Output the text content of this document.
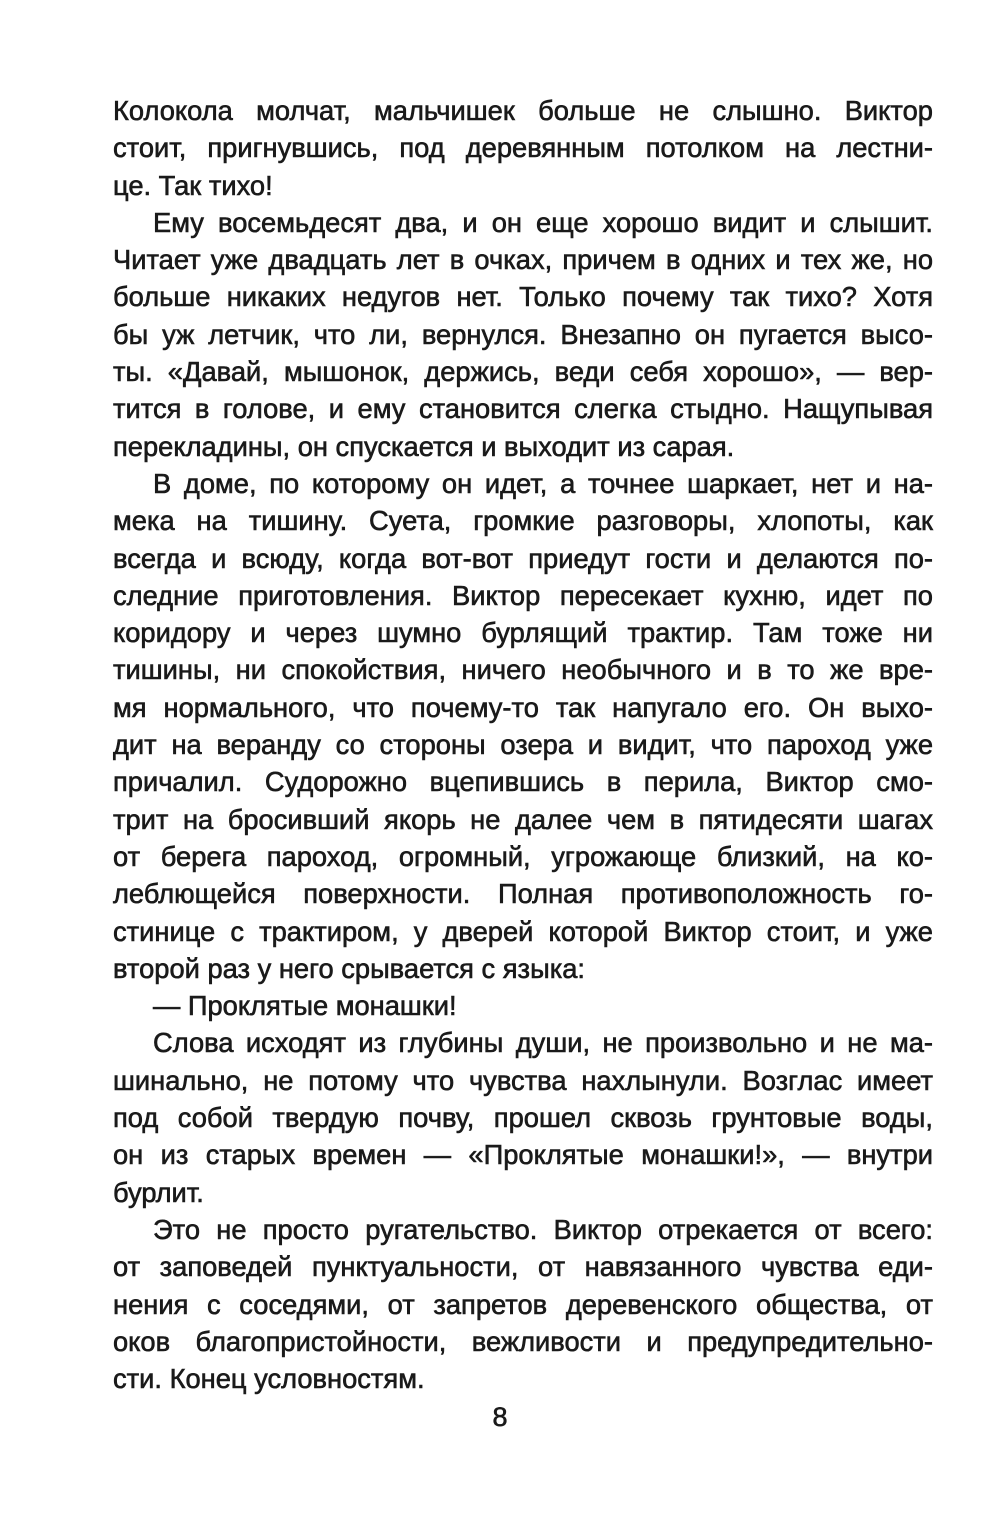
Колокола молчат, мальчишек больше не слышно. Виктор
стоит, пригнувшись, под деревянным потолком на лестни-
це. Так тихо!
Ему восемьдесят два, и он еще хорошо видит и слышит.
Читает уже двадцать лет в очках, причем в одних и тех же, но
больше никаких недугов нет. Только почему так тихо? Хотя
бы уж летчик, что ли, вернулся. Внезапно он пугается высо-
ты. «Давай, мышонок, держись, веди себя хорошо», — вер-
тится в голове, и ему становится слегка стыдно. Нащупывая
перекладины, он спускается и выходит из сарая.
В доме, по которому он идет, а точнее шаркает, нет и на-
мека на тишину. Суета, громкие разговоры, хлопоты, как
всегда и всюду, когда вот-вот приедут гости и делаются по-
следние приготовления. Виктор пересекает кухню, идет по
коридору и через шумно бурлящий трактир. Там тоже ни
тишины, ни спокойствия, ничего необычного и в то же вре-
мя нормального, что почему-то так напугало его. Он выхо-
дит на веранду со стороны озера и видит, что пароход уже
причалил. Судорожно вцепившись в перила, Виктор смо-
трит на бросивший якорь не далее чем в пятидесяти шагах
от берега пароход, огромный, угрожающе близкий, на ко-
леблющейся поверхности. Полная противоположность го-
стинице с трактиром, у дверей которой Виктор стоит, и уже
второй раз у него срывается с языка:
— Проклятые монашки!
Слова исходят из глубины души, не произвольно и не ма-
шинально, не потому что чувства нахлынули. Возглас имеет
под собой твердую почву, прошел сквозь грунтовые воды,
он из старых времен — «Проклятые монашки!», — внутри
бурлит.
Это не просто ругательство. Виктор отрекается от всего:
от заповедей пунктуальности, от навязанного чувства еди-
нения с соседями, от запретов деревенского общества, от
оков благопристойности, вежливости и предупредительно-
сти. Конец условностям.
8
